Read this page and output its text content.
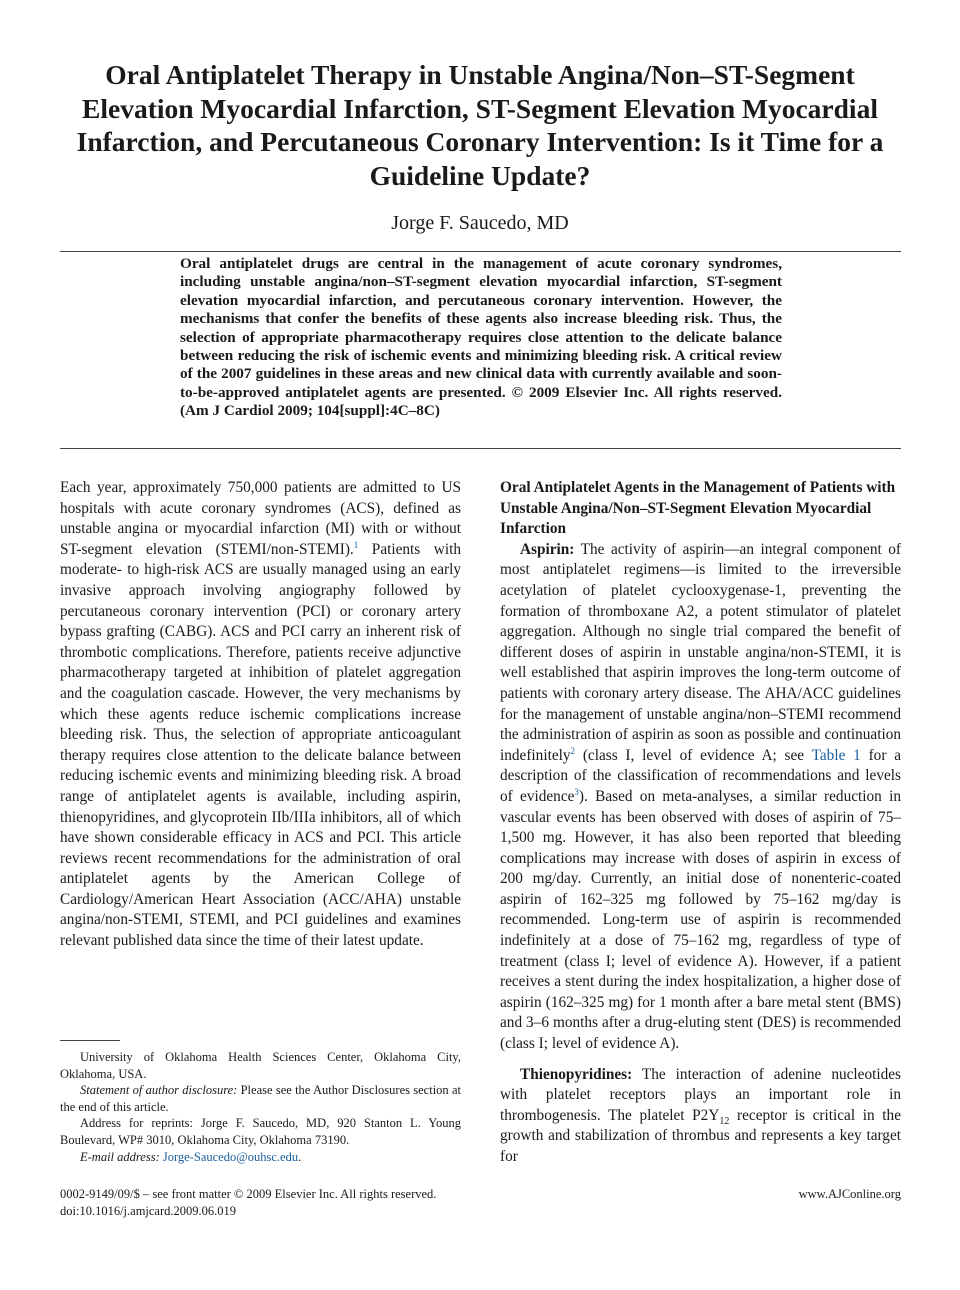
Oral Antiplatelet Therapy in Unstable Angina/Non–ST-Segment Elevation Myocardial Infarction, ST-Segment Elevation Myocardial Infarction, and Percutaneous Coronary Intervention: Is it Time for a Guideline Update?
Jorge F. Saucedo, MD

Oral antiplatelet drugs are central in the management of acute coronary syndromes, including unstable angina/non–ST-segment elevation myocardial infarction, ST-segment elevation myocardial infarction, and percutaneous coronary intervention. However, the mechanisms that confer the benefits of these agents also increase bleeding risk. Thus, the selection of appropriate pharmacotherapy requires close attention to the delicate balance between reducing the risk of ischemic events and minimizing bleeding risk. A critical review of the 2007 guidelines in these areas and new clinical data with currently available and soon-to-be-approved antiplatelet agents are presented. © 2009 Elsevier Inc. All rights reserved. (Am J Cardiol 2009; 104[suppl]:4C–8C)

Each year, approximately 750,000 patients are admitted to US hospitals with acute coronary syndromes (ACS), defined as unstable angina or myocardial infarction (MI) with or without ST-segment elevation (STEMI/non-STEMI).$^1$ Patients with moderate- to high-risk ACS are usually managed using an early invasive approach involving angiography followed by percutaneous coronary intervention (PCI) or coronary artery bypass grafting (CABG). ACS and PCI carry an inherent risk of thrombotic complications. Therefore, patients receive adjunctive pharmacotherapy targeted at inhibition of platelet aggregation and the coagulation cascade. However, the very mechanisms by which these agents reduce ischemic complications increase bleeding risk. Thus, the selection of appropriate anticoagulant therapy requires close attention to the delicate balance between reducing ischemic events and minimizing bleeding risk. A broad range of antiplatelet agents is available, including aspirin, thienopyridines, and glycoprotein IIb/IIIa inhibitors, all of which have shown considerable efficacy in ACS and PCI. This article reviews recent recommendations for the administration of oral antiplatelet agents by the American College of Cardiology/American Heart Association (ACC/AHA) unstable angina/non-STEMI, STEMI, and PCI guidelines and examines relevant published data since the time of their latest update.

Oral Antiplatelet Agents in the Management of Patients with Unstable Angina/Non–ST-Segment Elevation Myocardial Infarction

Aspirin: The activity of aspirin—an integral component of most antiplatelet regimens—is limited to the irreversible acetylation of platelet cyclooxygenase-1, preventing the formation of thromboxane A2, a potent stimulator of platelet aggregation. Although no single trial compared the benefit of different doses of aspirin in unstable angina/non-STEMI, it is well established that aspirin improves the long-term outcome of patients with coronary artery disease. The AHA/ACC guidelines for the management of unstable angina/non–STEMI recommend the administration of aspirin as soon as possible and continuation indefinitely$^2$ (class I, level of evidence A; see Table 1 for a description of the classification of recommendations and levels of evidence$^3$). Based on meta-analyses, a similar reduction in vascular events has been observed with doses of aspirin of 75–1,500 mg. However, it has also been reported that bleeding complications may increase with doses of aspirin in excess of 200 mg/day. Currently, an initial dose of nonenteric-coated aspirin of 162–325 mg followed by 75–162 mg/day is recommended. Long-term use of aspirin is recommended indefinitely at a dose of 75–162 mg, regardless of type of treatment (class I; level of evidence A). However, if a patient receives a stent during the index hospitalization, a higher dose of aspirin (162–325 mg) for 1 month after a bare metal stent (BMS) and 3–6 months after a drug-eluting stent (DES) is recommended (class I; level of evidence A).

Thienopyridines: The interaction of adenine nucleotides with platelet receptors plays an important role in thrombogenesis. The platelet $P2Y_{12}$ receptor is critical in the growth and stabilization of thrombus and represents a key target for

University of Oklahoma Health Sciences Center, Oklahoma City, Oklahoma, USA.

Statement of author disclosure: Please see the Author Disclosures section at the end of this article.

Address for reprints: Jorge F. Saucedo, MD, 920 Stanton L. Young Boulevard, WP# 3010, Oklahoma City, Oklahoma 73190.

E-mail address: Jorge-Saucedo@ouhsc.edu.

0002-9149/09/$ – see front matter © 2009 Elsevier Inc. All rights reserved.
doi:10.1016/j.amjcard.2009.06.019
www.AJConline.org
